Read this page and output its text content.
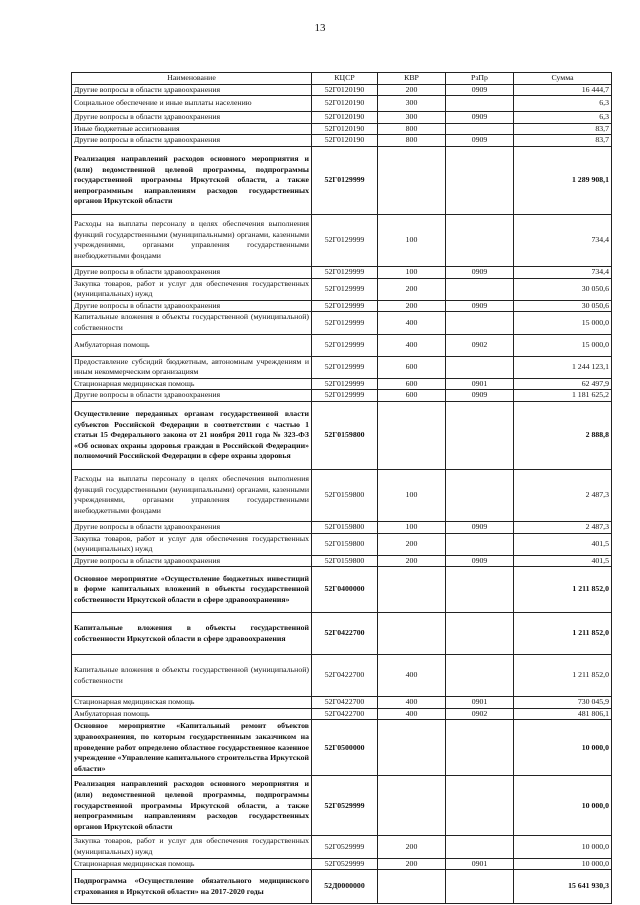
13
Наименование	КЦСР	КВР	РзПр	Сумма
Другие вопросы в области здравоохранения	52Г0120190	200	0909	16 444,7
Социальное обеспечение и иные выплаты населению	52Г0120190	300		6,3
Другие вопросы в области здравоохранения	52Г0120190	300	0909	6,3
Иные бюджетные ассигнования	52Г0120190	800		83,7
Другие вопросы в области здравоохранения	52Г0120190	800	0909	83,7
Реализация направлений расходов основного мероприятия и (или) ведомственной целевой программы, подпрограммы государственной программы Иркутской области, а также непрограммным направлениям расходов государственных органов Иркутской области	52Г0129999			1 289 908,1
Расходы на выплаты персоналу в целях обеспечения выполнения функций государственными (муниципальными) органами, казенными учреждениями, органами управления государственными внебюджетными фондами	52Г0129999	100		734,4
Другие вопросы в области здравоохранения	52Г0129999	100	0909	734,4
Закупка товаров, работ и услуг для обеспечения государственных (муниципальных) нужд	52Г0129999	200		30 050,6
Другие вопросы в области здравоохранения	52Г0129999	200	0909	30 050,6
Капитальные вложения в объекты государственной (муниципальной) собственности	52Г0129999	400		15 000,0
Амбулаторная помощь	52Г0129999	400	0902	15 000,0
Предоставление субсидий бюджетным, автономным учреждениям и иным некоммерческим организациям	52Г0129999	600		1 244 123,1
Стационарная медицинская помощь	52Г0129999	600	0901	62 497,9
Другие вопросы в области здравоохранения	52Г0129999	600	0909	1 181 625,2
Осуществление переданных органам государственной власти субъектов Российской Федерации в соответствии с частью 1 статьи 15 Федерального закона от 21 ноября 2011 года № 323-ФЗ «Об основах охраны здоровья граждан в Российской Федерации» полномочий Российской Федерации в сфере охраны здоровья	52Г0159800			2 888,8
Расходы на выплаты персоналу в целях обеспечения выполнения функций государственными (муниципальными) органами, казенными учреждениями, органами управления государственными внебюджетными фондами	52Г0159800	100		2 487,3
Другие вопросы в области здравоохранения	52Г0159800	100	0909	2 487,3
Закупка товаров, работ и услуг для обеспечения государственных (муниципальных) нужд	52Г0159800	200		401,5
Другие вопросы в области здравоохранения	52Г0159800	200	0909	401,5
Основное мероприятие «Осуществление бюджетных инвестиций в форме капитальных вложений в объекты государственной собственности Иркутской области в сфере здравоохранения»	52Г0400000			1 211 852,0
Капитальные вложения в объекты государственной собственности Иркутской области в сфере здравоохранения	52Г0422700			1 211 852,0
Капитальные вложения в объекты государственной (муниципальной) собственности	52Г0422700	400		1 211 852,0
Стационарная медицинская помощь	52Г0422700	400	0901	730 045,9
Амбулаторная помощь	52Г0422700	400	0902	481 806,1
Основное мероприятие «Капитальный ремонт объектов здравоохранения, по которым государственным заказчиком на проведение работ определено областное государственное казенное учреждение «Управление капитального строительства Иркутской области»	52Г0500000			10 000,0
Реализация направлений расходов основного мероприятия и (или) ведомственной целевой программы, подпрограммы государственной программы Иркутской области, а также непрограммным направлениям расходов государственных органов Иркутской области	52Г0529999			10 000,0
Закупка товаров, работ и услуг для обеспечения государственных (муниципальных) нужд	52Г0529999	200		10 000,0
Стационарная медицинская помощь	52Г0529999	200	0901	10 000,0
Подпрограмма «Осуществление обязательного медицинского страхования в Иркутской области» на 2017-2020 годы	52Д0000000			15 641 930,3
